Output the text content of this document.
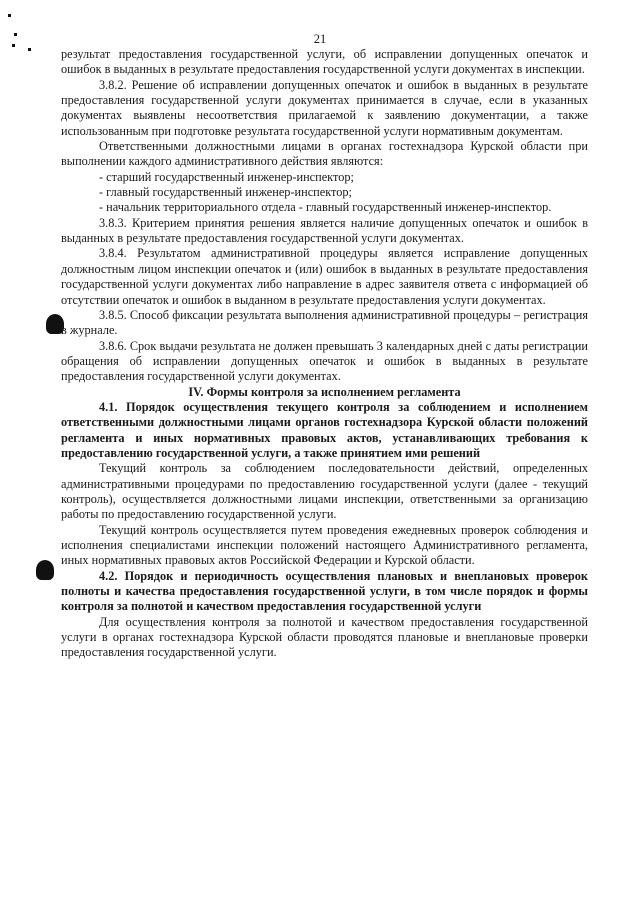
21

результат предоставления государственной услуги, об исправлении допущенных опечаток и ошибок в выданных в результате предоставления государственной услуги документах в инспекции.

3.8.2. Решение об исправлении допущенных опечаток и ошибок в выданных в результате предоставления государственной услуги документах принимается в случае, если в указанных документах выявлены несоответствия прилагаемой к заявлению документации, а также использованным при подготовке результата государственной услуги нормативным документам.

Ответственными должностными лицами в органах гостехнадзора Курской области при выполнении каждого административного действия являются:

- старший государственный инженер-инспектор;

- главный государственный инженер-инспектор;

- начальник территориального отдела - главный государственный инженер-инспектор.

3.8.3. Критерием принятия решения является наличие допущенных опечаток и ошибок в выданных в результате предоставления государственной услуги документах.

3.8.4. Результатом административной процедуры является исправление допущенных должностным лицом инспекции опечаток и (или) ошибок в выданных в результате предоставления государственной услуги документах либо направление в адрес заявителя ответа с информацией об отсутствии опечаток и ошибок в выданном в результате предоставления услуги документах.

3.8.5. Способ фиксации результата выполнения административной процедуры – регистрация в журнале.

3.8.6. Срок выдачи результата не должен превышать 3 календарных дней с даты регистрации обращения об исправлении допущенных опечаток и ошибок в выданных в результате предоставления государственной услуги документах.

IV. Формы контроля за исполнением регламента

4.1. Порядок осуществления текущего контроля за соблюдением и исполнением ответственными должностными лицами органов гостехнадзора Курской области положений регламента и иных нормативных правовых актов, устанавливающих требования к предоставлению государственной услуги, а также принятием ими решений

Текущий контроль за соблюдением последовательности действий, определенных административными процедурами по предоставлению государственной услуги (далее - текущий контроль), осуществляется должностными лицами инспекции, ответственными за организацию работы по предоставлению государственной услуги.

Текущий контроль осуществляется путем проведения ежедневных проверок соблюдения и исполнения специалистами инспекции положений настоящего Административного регламента, иных нормативных правовых актов Российской Федерации и Курской области.

4.2. Порядок и периодичность осуществления плановых и внеплановых проверок полноты и качества предоставления государственной услуги, в том числе порядок и формы контроля за полнотой и качеством предоставления государственной услуги

Для осуществления контроля за полнотой и качеством предоставления государственной услуги в органах гостехнадзора Курской области проводятся плановые и внеплановые проверки предоставления государственной услуги.
